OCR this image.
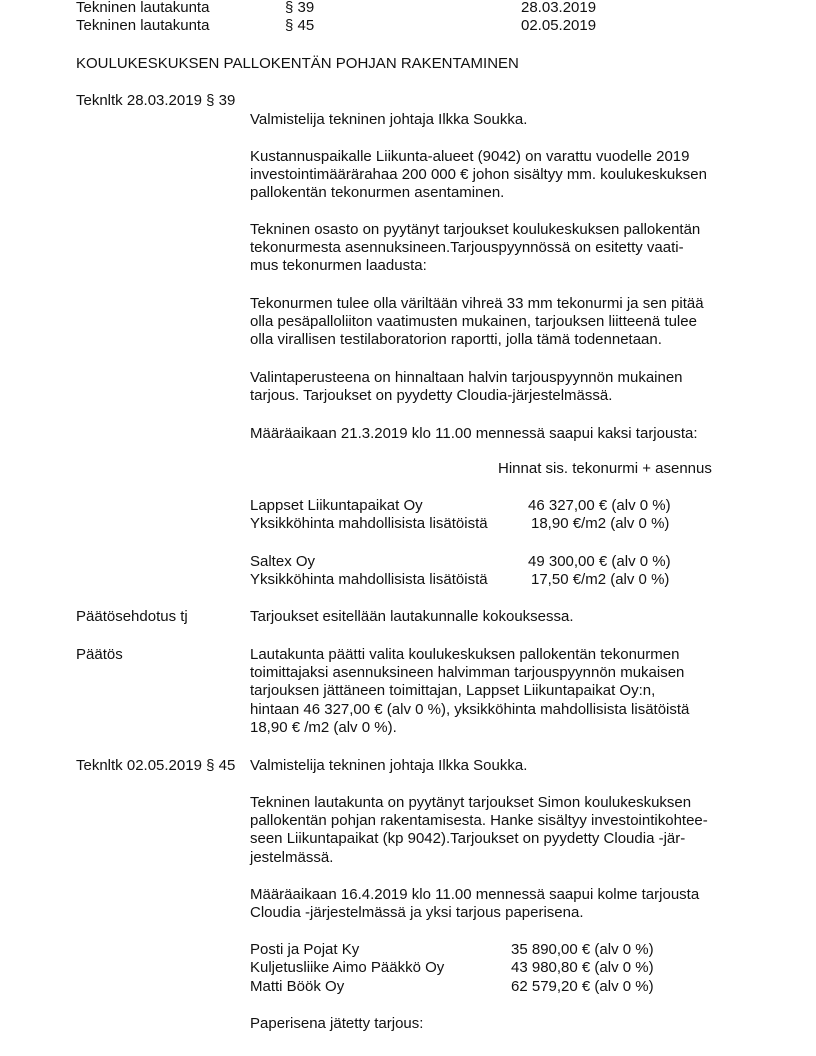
Tekninen lautakunta	§ 39	28.03.2019
Tekninen lautakunta	§ 45	02.05.2019
KOULUKESKUKSEN PALLOKENTÄN POHJAN RAKENTAMINEN
Teknltk 28.03.2019 § 39
Valmistelija tekninen johtaja Ilkka Soukka.
Kustannuspaikalle Liikunta-alueet (9042) on varattu vuodelle 2019
investointimäärärahaa 200 000 € johon sisältyy mm. koulukeskuksen
pallokentän tekonurmen asentaminen.
Tekninen osasto on pyytänyt tarjoukset koulukeskuksen pallokentän
tekonurmesta asennuksineen.Tarjouspyynnössä on esitetty vaati-
mus tekonurmen laadusta:
Tekonurmen tulee olla väriltään vihreä 33 mm tekonurmi ja sen pitää
olla pesäpalloliiton vaatimusten mukainen, tarjouksen liitteenä tulee
olla virallisen testilaboratorion raportti, jolla tämä todennetaan.
Valintaperusteena on hinnaltaan halvin tarjouspyynnön mukainen
tarjous. Tarjoukset on pyydetty Cloudia-järjestelmässä.
Määräaikaan 21.3.2019 klo 11.00 mennessä saapui kaksi tarjousta:
Hinnat sis. tekonurmi + asennus
Lappset Liikuntapaikat Oy	46 327,00 € (alv 0 %)
Yksikköhinta mahdollisista lisätöistä	18,90 €/m2 (alv 0 %)
Saltex Oy	49 300,00 € (alv 0 %)
Yksikköhinta mahdollisista lisätöistä	17,50 €/m2 (alv 0 %)
Päätösehdotus tj	Tarjoukset esitellään lautakunnalle kokouksessa.
Päätös	Lautakunta päätti valita koulukeskuksen pallokentän tekonurmen
toimittajaksi asennuksineen halvimman tarjouspyynnön mukaisen
tarjouksen jättäneen toimittajan, Lappset Liikuntapaikat Oy:n,
hintaan 46 327,00 € (alv 0 %), yksikköhinta mahdollisista lisätöistä
18,90 € /m2 (alv 0 %).
Teknltk 02.05.2019 § 45 Valmistelija tekninen johtaja Ilkka Soukka.
Tekninen lautakunta on pyytänyt tarjoukset Simon koulukeskuksen
pallokentän pohjan rakentamisesta. Hanke sisältyy investointikohtee-
seen Liikuntapaikat (kp 9042).Tarjoukset on pyydetty Cloudia -jär-
jestelmässä.
Määräaikaan 16.4.2019 klo 11.00 mennessä saapui kolme tarjousta
Cloudia -järjestelmässä ja yksi tarjous paperisena.
Posti ja Pojat Ky	35 890,00 € (alv 0 %)
Kuljetusliike Aimo Pääkkö Oy	43 980,80 € (alv 0 %)
Matti Böök Oy	62 579,20 € (alv 0 %)
Paperisena jätetty tarjous:
